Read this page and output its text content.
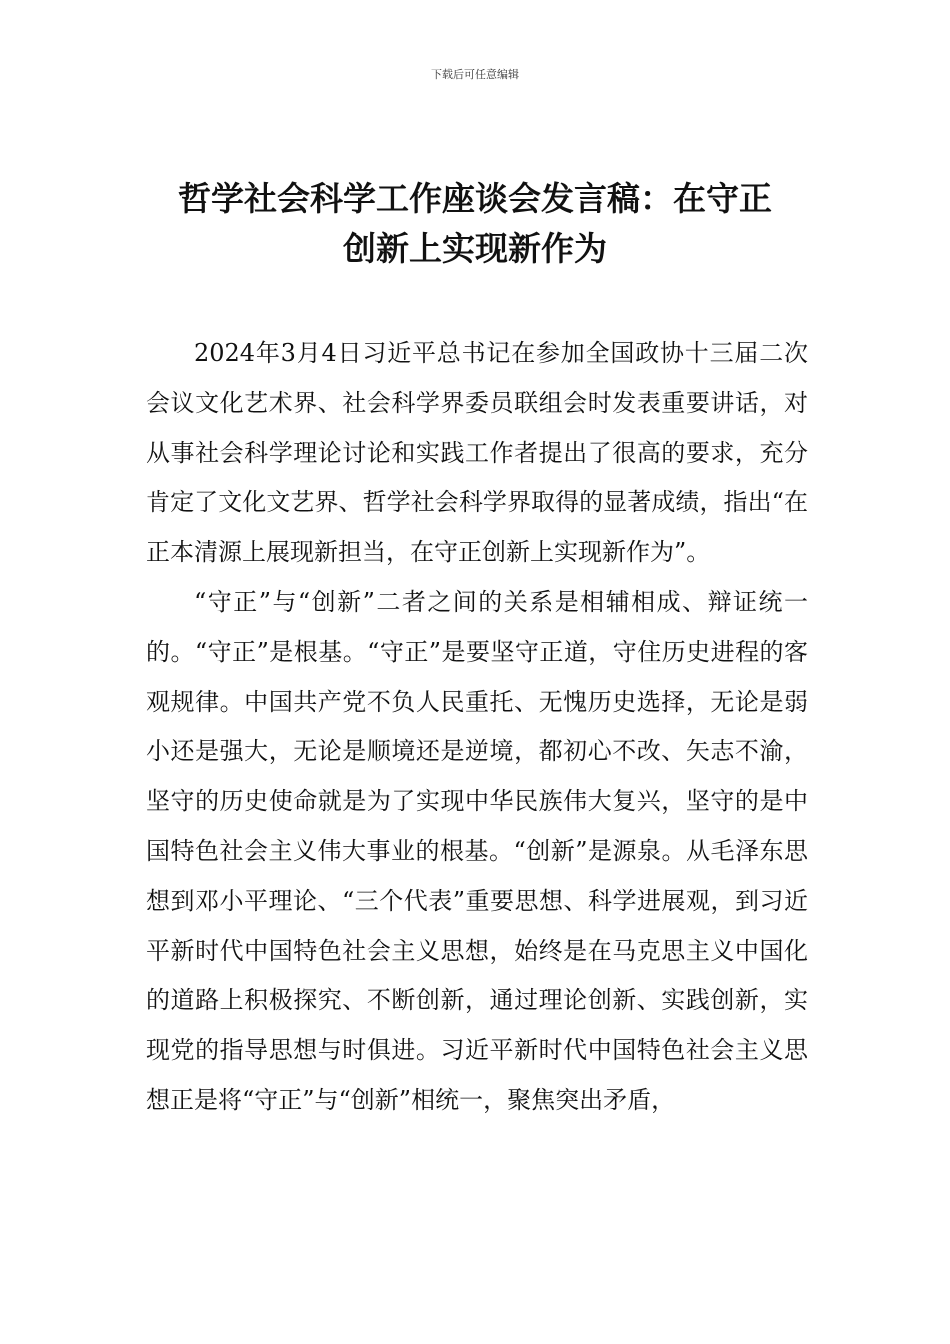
下载后可任意编辑
哲学社会科学工作座谈会发言稿：在守正
创新上实现新作为

2024年3月4日习近平总书记在参加全国政协十三届二次会议文化艺术界、社会科学界委员联组会时发表重要讲话，对从事社会科学理论讨论和实践工作者提出了很高的要求，充分肯定了文化文艺界、哲学社会科学界取得的显著成绩，指出“在正本清源上展现新担当，在守正创新上实现新作为”。

“守正”与“创新”二者之间的关系是相辅相成、辩证统一的。“守正”是根基。“守正”是要坚守正道，守住历史进程的客观规律。中国共产党不负人民重托、无愧历史选择，无论是弱小还是强大，无论是顺境还是逆境，都初心不改、矢志不渝，坚守的历史使命就是为了实现中华民族伟大复兴，坚守的是中国特色社会主义伟大事业的根基。“创新”是源泉。从毛泽东思想到邓小平理论、“三个代表”重要思想、科学进展观，到习近平新时代中国特色社会主义思想，始终是在马克思主义中国化的道路上积极探究、不断创新，通过理论创新、实践创新，实现党的指导思想与时俱进。习近平新时代中国特色社会主义思想正是将“守正”与“创新”相统一，聚焦突出矛盾，
